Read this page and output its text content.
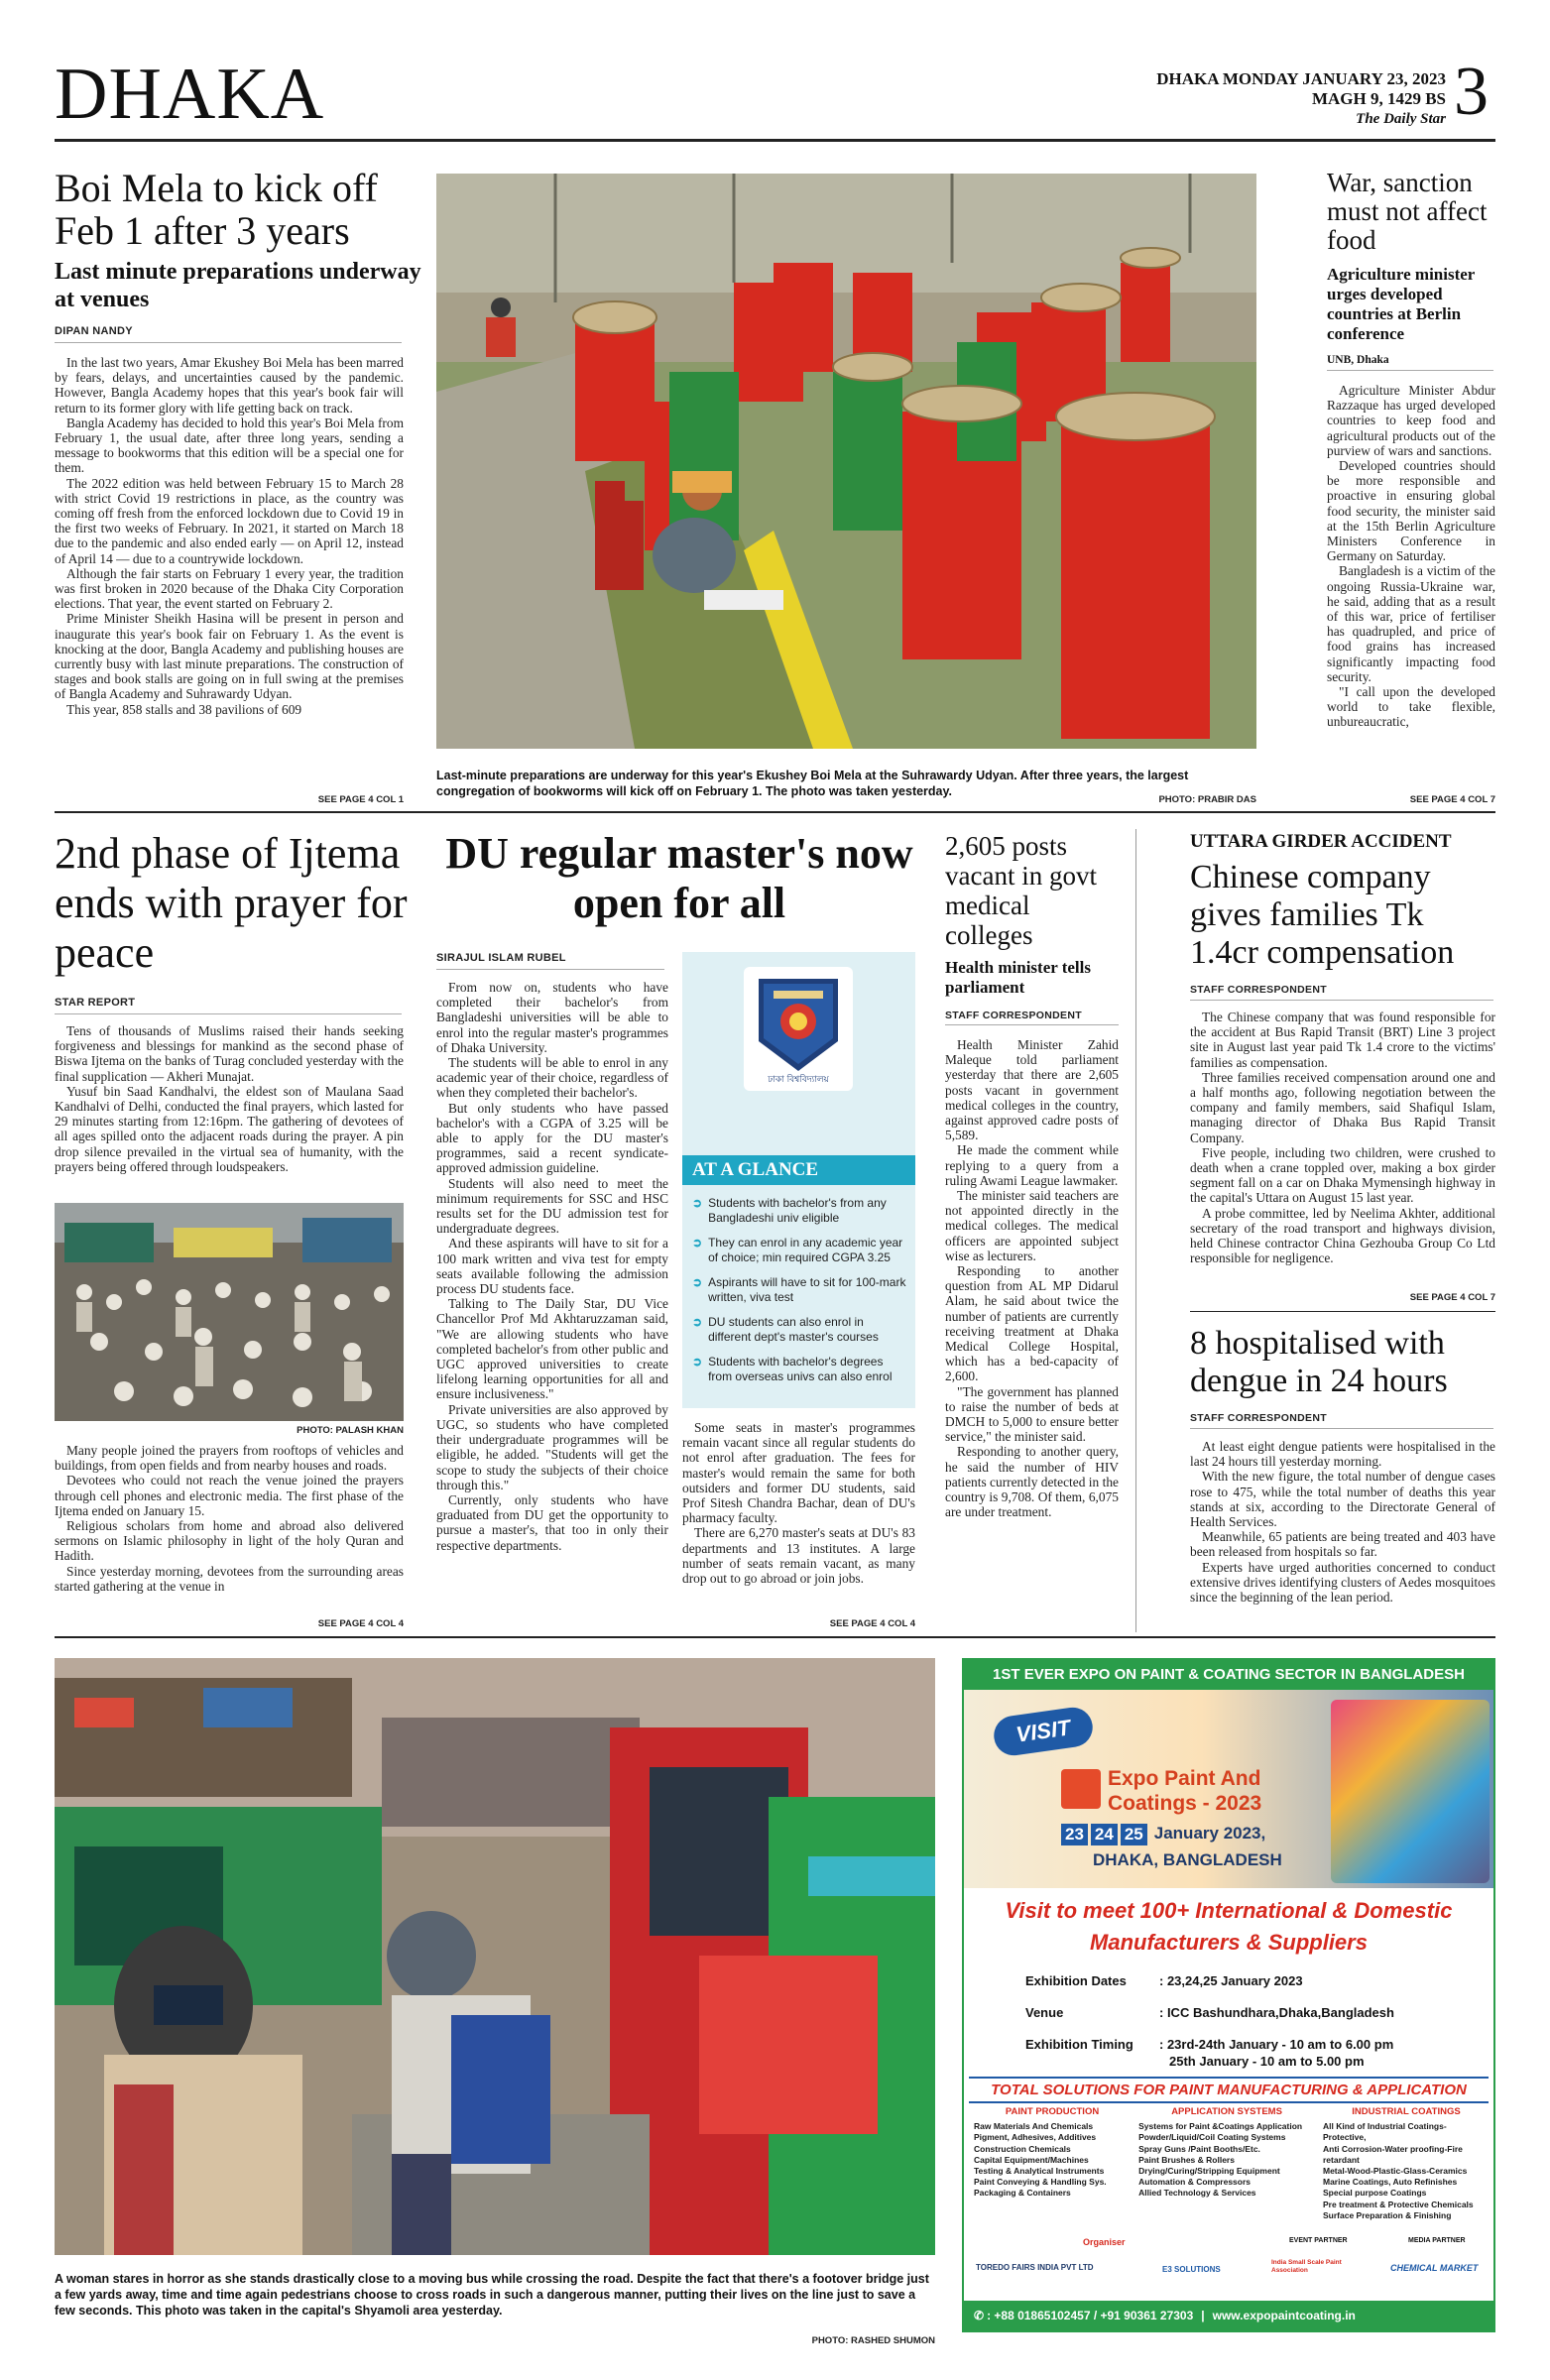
DHAKA	DHAKA MONDAY JANUARY 23, 2023
MAGH 9, 1429 BS
The Daily Star 3
Boi Mela to kick off Feb 1 after 3 years
Last minute preparations underway at venues
DIPAN NANDY

In the last two years, Amar Ekushey Boi Mela has been marred by fears, delays, and uncertainties caused by the pandemic. However, Bangla Academy hopes that this year's book fair will return to its former glory with life getting back on track.

Bangla Academy has decided to hold this year's Boi Mela from February 1, the usual date, after three long years, sending a message to bookworms that this edition will be a special one for them.

The 2022 edition was held between February 15 to March 28 with strict Covid 19 restrictions in place, as the country was coming off fresh from the enforced lockdown due to Covid 19 in the first two weeks of February. In 2021, it started on March 18 due to the pandemic and also ended early — on April 12, instead of April 14 — due to a countrywide lockdown.

Although the fair starts on February 1 every year, the tradition was first broken in 2020 because of the Dhaka City Corporation elections. That year, the event started on February 2.

Prime Minister Sheikh Hasina will be present in person and inaugurate this year's book fair on February 1. As the event is knocking at the door, Bangla Academy and publishing houses are currently busy with last minute preparations. The construction of stages and book stalls are going on in full swing at the premises of Bangla Academy and Suhrawardy Udyan.

This year, 858 stalls and 38 pavilions of 609

SEE PAGE 4 COL 1
Last-minute preparations are underway for this year's Ekushey Boi Mela at the Suhrawardy Udyan. After three years, the largest congregation of bookworms will kick off on February 1. The photo was taken yesterday.
PHOTO: PRABIR DAS
War, sanction must not affect food
Agriculture minister urges developed countries at Berlin conference
UNB, Dhaka

Agriculture Minister Abdur Razzaque has urged developed countries to keep food and agricultural products out of the purview of wars and sanctions.

Developed countries should be more responsible and proactive in ensuring global food security, the minister said at the 15th Berlin Agriculture Ministers Conference in Germany on Saturday.

Bangladesh is a victim of the ongoing Russia-Ukraine war, he said, adding that as a result of this war, price of fertiliser has quadrupled, and price of food grains has increased significantly impacting food security.

"I call upon the developed world to take flexible, unbureaucratic,

SEE PAGE 4 COL 7
2nd phase of Ijtema ends with prayer for peace
STAR REPORT

Tens of thousands of Muslims raised their hands seeking forgiveness and blessings for mankind as the second phase of Biswa Ijtema on the banks of Turag concluded yesterday with the final supplication — Akheri Munajat.

Yusuf bin Saad Kandhalvi, the eldest son of Maulana Saad Kandhalvi of Delhi, conducted the final prayers, which lasted for 29 minutes starting from 12:16pm. The gathering of devotees of all ages spilled onto the adjacent roads during the prayer. A pin drop silence prevailed in the virtual sea of humanity, with the prayers being offered through loudspeakers.

PHOTO: PALASH KHAN

Many people joined the prayers from rooftops of vehicles and buildings, from open fields and from nearby houses and roads.

Devotees who could not reach the venue joined the prayers through cell phones and electronic media. The first phase of the Ijtema ended on January 15.

Religious scholars from home and abroad also delivered sermons on Islamic philosophy in light of the holy Quran and Hadith.

Since yesterday morning, devotees from the surrounding areas started gathering at the venue in

SEE PAGE 4 COL 4
DU regular master's now open for all
SIRAJUL ISLAM RUBEL

From now on, students who have completed their bachelor's from Bangladeshi universities will be able to enrol into the regular master's programmes of Dhaka University.

The students will be able to enrol in any academic year of their choice, regardless of when they completed their bachelor's.

But only students who have passed bachelor's with a CGPA of 3.25 will be able to apply for the DU master's programmes, said a recent syndicate-approved admission guideline.

Students will also need to meet the minimum requirements for SSC and HSC results set for the DU admission test for undergraduate degrees.

And these aspirants will have to sit for a 100 mark written and viva test for empty seats available following the admission process DU students face.

Talking to The Daily Star, DU Vice Chancellor Prof Md Akhtaruzzaman said, "We are allowing students who have completed bachelor's from other public and UGC approved universities to create lifelong learning opportunities for all and ensure inclusiveness."

Private universities are also approved by UGC, so students who have completed their undergraduate programmes will be eligible, he added. "Students will get the scope to study the subjects of their choice through this."

Currently, only students who have graduated from DU get the opportunity to pursue a master's, that too in only their respective departments.

ঢাকা বিশ্ববিদ্যালয়
AT A GLANCE
➲ Students with bachelor's from any Bangladeshi univ eligible
➲ They can enrol in any academic year of choice; min required CGPA 3.25
➲ Aspirants will have to sit for 100-mark written, viva test
➲ DU students can also enrol in different dept's master's courses
➲ Students with bachelor's degrees from overseas univs can also enrol

Some seats in master's programmes remain vacant since all regular students do not enrol after graduation. The fees for master's would remain the same for both outsiders and former DU students, said Prof Sitesh Chandra Bachar, dean of DU's pharmacy faculty.

There are 6,270 master's seats at DU's 83 departments and 13 institutes. A large number of seats remain vacant, as many drop out to go abroad or join jobs.

SEE PAGE 4 COL 4
2,605 posts vacant in govt medical colleges
Health minister tells parliament
STAFF CORRESPONDENT

Health Minister Zahid Maleque told parliament yesterday that there are 2,605 posts vacant in government medical colleges in the country, against approved cadre posts of 5,589.

He made the comment while replying to a query from a ruling Awami League lawmaker.

The minister said teachers are not appointed directly in the medical colleges. The medical officers are appointed subject wise as lecturers.

Responding to another question from AL MP Didarul Alam, he said about twice the number of patients are currently receiving treatment at Dhaka Medical College Hospital, which has a bed-capacity of 2,600.

"The government has planned to raise the number of beds at DMCH to 5,000 to ensure better service," the minister said.

Responding to another query, he said the number of HIV patients currently detected in the country is 9,708. Of them, 6,075 are under treatment.

UTTARA GIRDER ACCIDENT
Chinese company gives families Tk 1.4cr compensation
STAFF CORRESPONDENT

The Chinese company that was found responsible for the accident at Bus Rapid Transit (BRT) Line 3 project site in August last year paid Tk 1.4 crore to the victims' families as compensation.

Three families received compensation around one and a half months ago, following negotiation between the company and family members, said Shafiqul Islam, managing director of Dhaka Bus Rapid Transit Company.

Five people, including two children, were crushed to death when a crane toppled over, making a box girder segment fall on a car on Dhaka Mymensingh highway in the capital's Uttara on August 15 last year.

A probe committee, led by Neelima Akhter, additional secretary of the road transport and highways division, held Chinese contractor China Gezhouba Group Co Ltd responsible for negligence.

SEE PAGE 4 COL 7
8 hospitalised with dengue in 24 hours
STAFF CORRESPONDENT

At least eight dengue patients were hospitalised in the last 24 hours till yesterday morning.

With the new figure, the total number of dengue cases rose to 475, while the total number of deaths this year stands at six, according to the Directorate General of Health Services.

Meanwhile, 65 patients are being treated and 403 have been released from hospitals so far.

Experts have urged authorities concerned to conduct extensive drives identifying clusters of Aedes mosquitoes since the beginning of the lean period.

A woman stares in horror as she stands drastically close to a moving bus while crossing the road. Despite the fact that there's a footover bridge just a few yards away, time and time again pedestrians choose to cross roads in such a dangerous manner, putting their lives on the line just to save a few seconds. This photo was taken in the capital's Shyamoli area yesterday.
PHOTO: RASHED SHUMON
1ST EVER EXPO ON PAINT & COATING SECTOR IN BANGLADESH
VISIT
Expo Paint And
Coatings - 2023
23 24 25 January 2023,
DHAKA, BANGLADESH
Visit to meet 100+ International & Domestic
Manufacturers & Suppliers
Exhibition Dates	: 23,24,25 January 2023
Venue	: ICC Bashundhara,Dhaka,Bangladesh
Exhibition Timing	: 23rd-24th January - 10 am to 6.00 pm
25th January - 10 am to 5.00 pm
TOTAL SOLUTIONS FOR PAINT MANUFACTURING & APPLICATION
PAINT PRODUCTION
Raw Materials And Chemicals
Pigment, Adhesives, Additives
Construction Chemicals
Capital Equipment/Machines
Testing & Analytical Instruments
Paint Conveying & Handling Sys.
Packaging & Containers
APPLICATION SYSTEMS
Systems for Paint &Coatings Application
Powder/Liquid/Coil Coating Systems
Spray Guns /Paint Booths/Etc.
Paint Brushes & Rollers
Drying/Curing/Stripping Equipment
Automation & Compressors
Allied Technology & Services
INDUSTRIAL COATINGS
All Kind of Industrial Coatings- Protective,
Anti Corrosion-Water proofing-Fire retardant
Metal-Wood-Plastic-Glass-Ceramics
Marine Coatings, Auto Refinishes
Special purpose Coatings
Pre treatment & Protective Chemicals
Surface Preparation & Finishing
Organiser	EVENT PARTNER	MEDIA PARTNER
TOREDO FAIRS INDIA PVT LTD	E3 SOLUTIONS
India Small Scale Paint Association	CHEMICAL MARKET
✆ : +88 01865102457 / +91 90361 27303 | www.expopaintcoating.in
